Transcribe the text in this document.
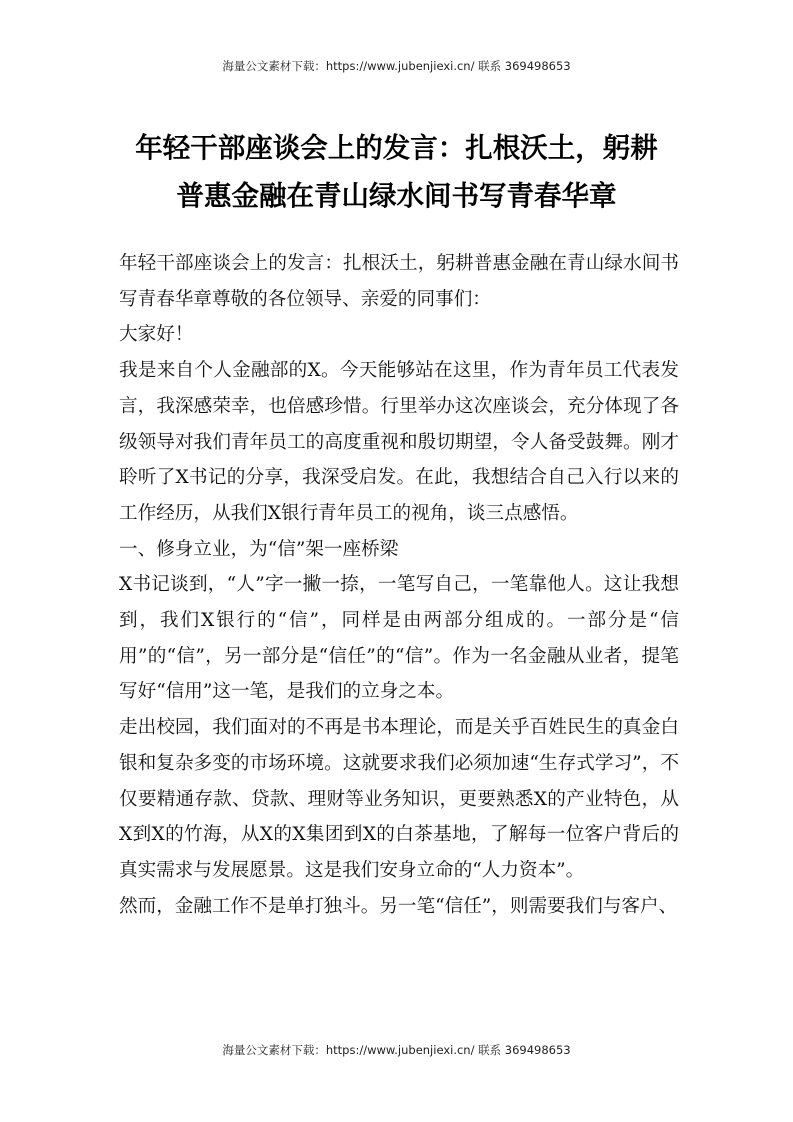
海量公文素材下载：https://www.jubenjiexi.cn/ 联系 369498653
年轻干部座谈会上的发言：扎根沃土，躬耕
普惠金融在青山绿水间书写青春华章

年轻干部座谈会上的发言：扎根沃土，躬耕普惠金融在青山绿水间书写青春华章尊敬的各位领导、亲爱的同事们：

大家好！

我是来自个人金融部的X。今天能够站在这里，作为青年员工代表发言，我深感荣幸，也倍感珍惜。行里举办这次座谈会，充分体现了各级领导对我们青年员工的高度重视和殷切期望，令人备受鼓舞。刚才聆听了X书记的分享，我深受启发。在此，我想结合自己入行以来的工作经历，从我们X银行青年员工的视角，谈三点感悟。

一、修身立业，为“信”架一座桥梁

X书记谈到，“人”字一撇一捺，一笔写自己，一笔靠他人。这让我想到，我们X银行的“信”，同样是由两部分组成的。一部分是“信用”的“信”，另一部分是“信任”的“信”。作为一名金融从业者，提笔写好“信用”这一笔，是我们的立身之本。

走出校园，我们面对的不再是书本理论，而是关乎百姓民生的真金白银和复杂多变的市场环境。这就要求我们必须加速“生存式学习”，不仅要精通存款、贷款、理财等业务知识，更要熟悉X的产业特色，从X到X的竹海，从X的X集团到X的白茶基地，了解每一位客户背后的真实需求与发展愿景。这是我们安身立命的“人力资本”。

然而，金融工作不是单打独斗。另一笔“信任”，则需要我们与客户、

海量公文素材下载：https://www.jubenjiexi.cn/ 联系 369498653
